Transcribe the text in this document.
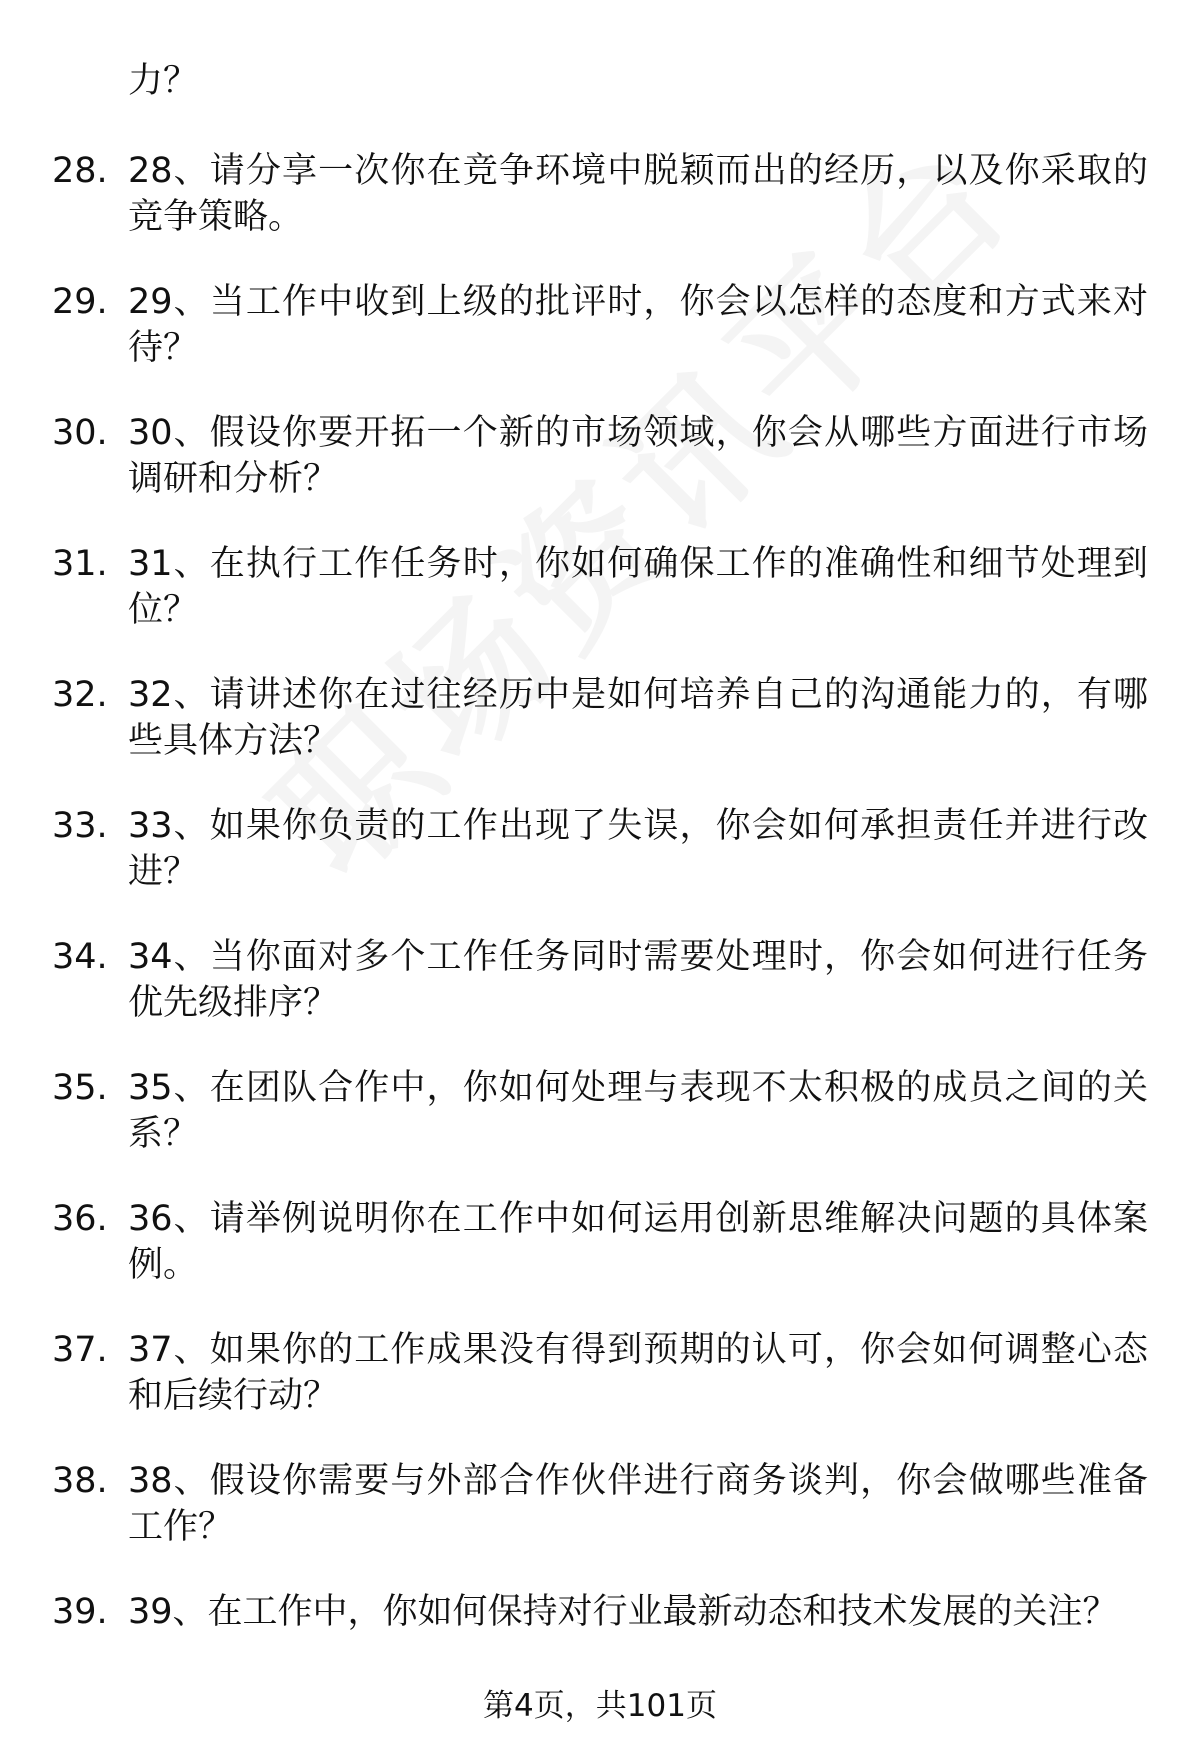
力？
28. 28、请分享一次你在竞争环境中脱颖而出的经历，以及你采取的竞争策略。
29. 29、当工作中收到上级的批评时，你会以怎样的态度和方式来对待？
30. 30、假设你要开拓一个新的市场领域，你会从哪些方面进行市场调研和分析？
31. 31、在执行工作任务时，你如何确保工作的准确性和细节处理到位？
32. 32、请讲述你在过往经历中是如何培养自己的沟通能力的，有哪些具体方法？
33. 33、如果你负责的工作出现了失误，你会如何承担责任并进行改进？
34. 34、当你面对多个工作任务同时需要处理时，你会如何进行任务优先级排序？
35. 35、在团队合作中，你如何处理与表现不太积极的成员之间的关系？
36. 36、请举例说明你在工作中如何运用创新思维解决问题的具体案例。
37. 37、如果你的工作成果没有得到预期的认可，你会如何调整心态和后续行动？
38. 38、假设你需要与外部合作伙伴进行商务谈判，你会做哪些准备工作？
39. 39、在工作中，你如何保持对行业最新动态和技术发展的关注？
第4页，共101页
